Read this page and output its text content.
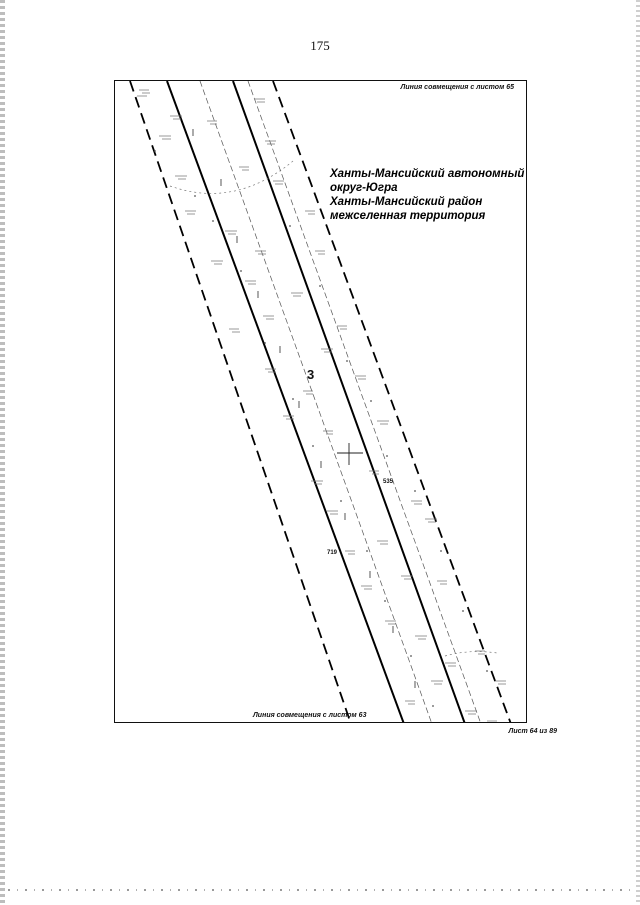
175
Линия совмещения с листом 65
Линия совмещения с листом 63
Ханты-Мансийский автономный
округ-Югра
Ханты-Мансийский район
межселенная территория
3
535
719
Лист 64 из 89
